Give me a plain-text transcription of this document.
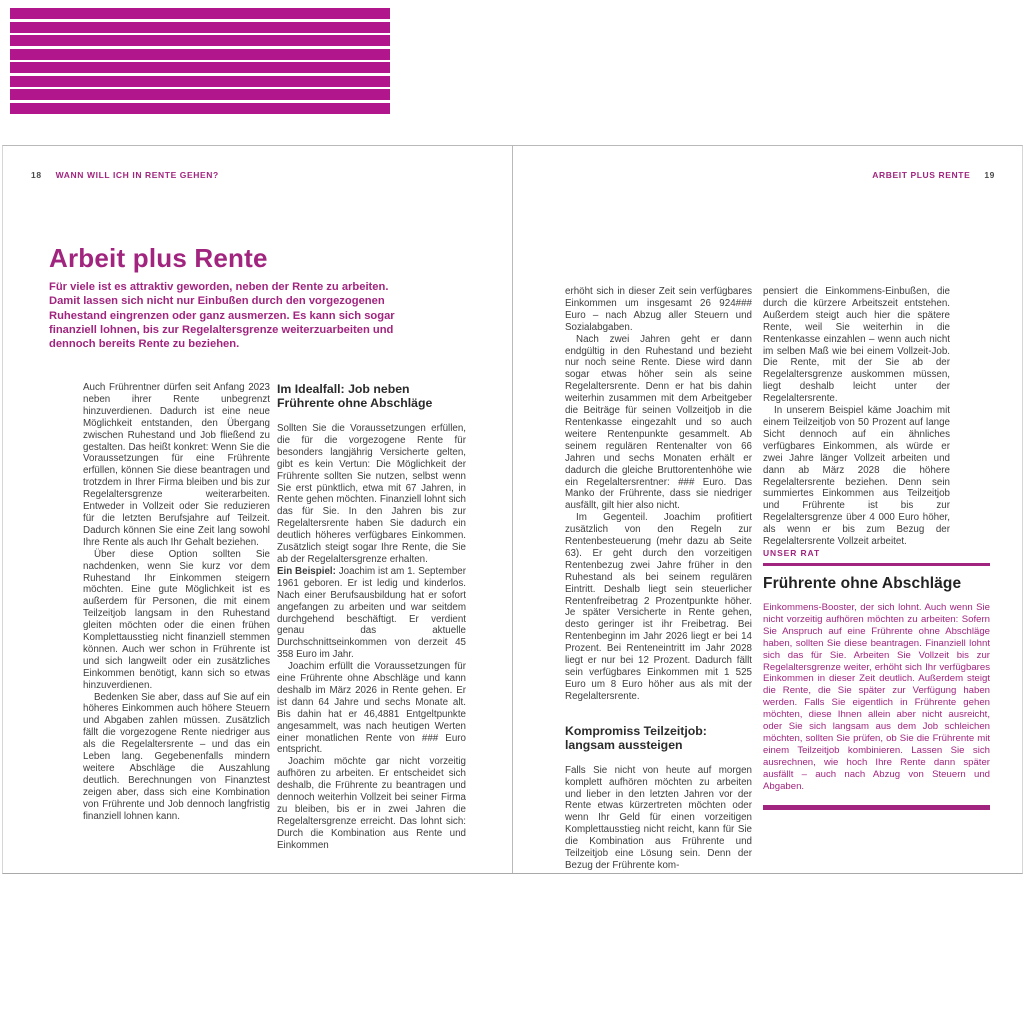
18 WANN WILL ICH IN RENTE GEHEN?	ARBEIT PLUS RENTE 19
Arbeit plus Rente
Für viele ist es attraktiv geworden, neben der Rente zu arbeiten. Damit lassen sich nicht nur Einbußen durch den vorgezogenen Ruhestand eingrenzen oder ganz ausmerzen. Es kann sich sogar finanziell lohnen, bis zur Regelaltersgrenze weiterzuarbeiten und dennoch bereits Rente zu beziehen.

Auch Frührentner dürfen seit Anfang 2023 neben ihrer Rente unbegrenzt hinzuverdienen. Dadurch ist eine neue Möglichkeit entstanden, den Übergang zwischen Ruhestand und Job fließend zu gestalten. Das heißt konkret: Wenn Sie die Voraussetzungen für eine Frührente erfüllen, können Sie diese beantragen und trotzdem in Ihrer Firma bleiben und bis zur Regelaltersgrenze weiterarbeiten. Entweder in Vollzeit oder Sie reduzieren für die letzten Berufsjahre auf Teilzeit. Dadurch können Sie eine Zeit lang sowohl Ihre Rente als auch Ihr Gehalt beziehen.

Über diese Option sollten Sie nachdenken, wenn Sie kurz vor dem Ruhestand Ihr Einkommen steigern möchten. Eine gute Möglichkeit ist es außerdem für Personen, die mit einem Teilzeitjob langsam in den Ruhestand gleiten möchten oder die einen frühen Komplettausstieg nicht finanziell stemmen können. Auch wer schon in Frührente ist und sich langweilt oder ein zusätzliches Einkommen benötigt, kann sich so etwas hinzuverdienen.

Bedenken Sie aber, dass auf Sie auf ein höheres Einkommen auch höhere Steuern und Abgaben zahlen müssen. Zusätzlich fällt die vorgezogene Rente niedriger aus als die Regelaltersrente – und das ein Leben lang. Gegebenenfalls mindern weitere Abschläge die Auszahlung deutlich. Berechnungen von Finanztest zeigen aber, dass sich eine Kombination von Frührente und Job dennoch langfristig finanziell lohnen kann.

Im Idealfall: Job neben Frührente ohne Abschläge

Sollten Sie die Voraussetzungen erfüllen, die für die vorgezogene Rente für besonders langjährig Versicherte gelten, gibt es kein Vertun: Die Möglichkeit der Frührente sollten Sie nutzen, selbst wenn Sie erst pünktlich, etwa mit 67 Jahren, in Rente gehen möchten. Finanziell lohnt sich das für Sie. In den Jahren bis zur Regelaltersrente haben Sie dadurch ein deutlich höheres verfügbares Einkommen. Zusätzlich steigt sogar Ihre Rente, die Sie ab der Regelaltersgrenze erhalten.

Ein Beispiel: Joachim ist am 1. September 1961 geboren. Er ist ledig und kinderlos. Nach einer Berufsausbildung hat er sofort angefangen zu arbeiten und war seitdem durchgehend beschäftigt. Er verdient genau das aktuelle Durchschnittseinkommen von derzeit 45 358 Euro im Jahr.

Joachim erfüllt die Voraussetzungen für eine Frührente ohne Abschläge und kann deshalb im März 2026 in Rente gehen. Er ist dann 64 Jahre und sechs Monate alt. Bis dahin hat er 46,4881 Entgeltpunkte angesammelt, was nach heutigen Werten einer monatlichen Rente von ### Euro entspricht.

Joachim möchte gar nicht vorzeitig aufhören zu arbeiten. Er entscheidet sich deshalb, die Frührente zu beantragen und dennoch weiterhin Vollzeit bei seiner Firma zu bleiben, bis er in zwei Jahren die Regelaltersgrenze erreicht. Das lohnt sich: Durch die Kombination aus Rente und Einkommen

erhöht sich in dieser Zeit sein verfügbares Einkommen um insgesamt 26 924### Euro – nach Abzug aller Steuern und Sozialabgaben.

Nach zwei Jahren geht er dann endgültig in den Ruhestand und bezieht nur noch seine Rente. Diese wird dann sogar etwas höher sein als seine Regelaltersrente. Denn er hat bis dahin weiterhin zusammen mit dem Arbeitgeber die Beiträge für seinen Vollzeitjob in die Rentenkasse eingezahlt und so auch weitere Rentenpunkte gesammelt. Ab seinem regulären Rentenalter von 66 Jahren und sechs Monaten erhält er dadurch die gleiche Bruttorentenhöhe wie ein Regelaltersrentner: ### Euro. Das Manko der Frührente, dass sie niedriger ausfällt, gilt hier also nicht.

Im Gegenteil. Joachim profitiert zusätzlich von den Regeln zur Rentenbesteuerung (mehr dazu ab Seite 63). Er geht durch den vorzeitigen Rentenbezug zwei Jahre früher in den Ruhestand als bei seinem regulären Eintritt. Deshalb liegt sein steuerlicher Rentenfreibetrag 2 Prozentpunkte höher. Je später Versicherte in Rente gehen, desto geringer ist ihr Freibetrag. Bei Rentenbeginn im Jahr 2026 liegt er bei 14 Prozent. Bei Renteneintritt im Jahr 2028 liegt er nur bei 12 Prozent. Dadurch fällt sein verfügbares Einkommen mit 1 525 Euro um 8 Euro höher aus als mit der Regelaltersrente.

Kompromiss Teilzeitjob: langsam aussteigen

Falls Sie nicht von heute auf morgen komplett aufhören möchten zu arbeiten und lieber in den letzten Jahren vor der Rente etwas kürzertreten möchten oder wenn Ihr Geld für einen vorzeitigen Komplettausstieg nicht reicht, kann für Sie die Kombination aus Frührente und Teilzeitjob eine Lösung sein. Denn der Bezug der Frührente kom-

pensiert die Einkommens-Einbußen, die durch die kürzere Arbeitszeit entstehen. Außerdem steigt auch hier die spätere Rente, weil Sie weiterhin in die Rentenkasse einzahlen – wenn auch nicht im selben Maß wie bei einem Vollzeit-Job. Die Rente, mit der Sie ab der Regelaltersgrenze auskommen müssen, liegt deshalb leicht unter der Regelaltersrente.

In unserem Beispiel käme Joachim mit einem Teilzeitjob von 50 Prozent auf lange Sicht dennoch auf ein ähnliches verfügbares Einkommen, als würde er zwei Jahre länger Vollzeit arbeiten und dann ab März 2028 die höhere Regelaltersrente beziehen. Denn sein summiertes Einkommen aus Teilzeitjob und Frührente ist bis zur Regelaltersgrenze über 4 000 Euro höher, als wenn er bis zum Bezug der Regelaltersrente Vollzeit arbeitet.

UNSER RAT
Frührente ohne Abschläge
Einkommens-Booster, der sich lohnt. Auch wenn Sie nicht vorzeitig aufhören möchten zu arbeiten: Sofern Sie Anspruch auf eine Frührente ohne Abschläge haben, sollten Sie diese beantragen. Finanziell lohnt sich das für Sie. Arbeiten Sie Vollzeit bis zur Regelaltersgrenze weiter, erhöht sich Ihr verfügbares Einkommen in dieser Zeit deutlich. Außerdem steigt die Rente, die Sie später zur Verfügung haben werden. Falls Sie eigentlich in Frührente gehen möchten, diese Ihnen allein aber nicht ausreicht, oder Sie sich langsam aus dem Job schleichen möchten, sollten Sie prüfen, ob Sie die Frührente mit einem Teilzeitjob kombinieren. Lassen Sie sich ausrechnen, wie hoch Ihre Rente dann später ausfällt – auch nach Abzug von Steuern und Abgaben.
